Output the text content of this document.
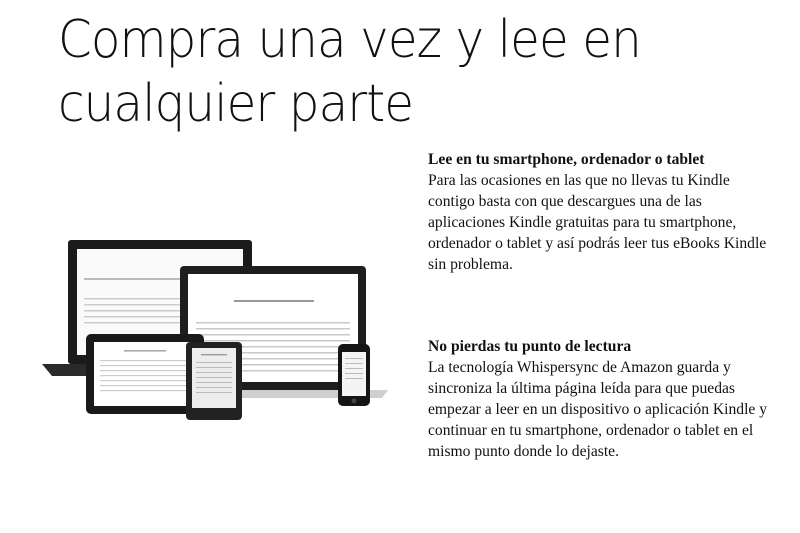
Compra una vez y lee en
cualquier parte
Lee en tu smartphone, ordenador o tablet

Para las ocasiones en las que no llevas tu Kindle contigo basta con que descargues una de las aplicaciones Kindle gratuitas para tu smartphone, ordenador o tablet y así podrás leer tus eBooks Kindle sin problema.

No pierdas tu punto de lectura

La tecnología Whispersync de Amazon guarda y sincroniza la última página leída para que puedas empezar a leer en un dispositivo o aplicación Kindle y continuar en tu smartphone, ordenador o tablet en el mismo punto donde lo dejaste.
